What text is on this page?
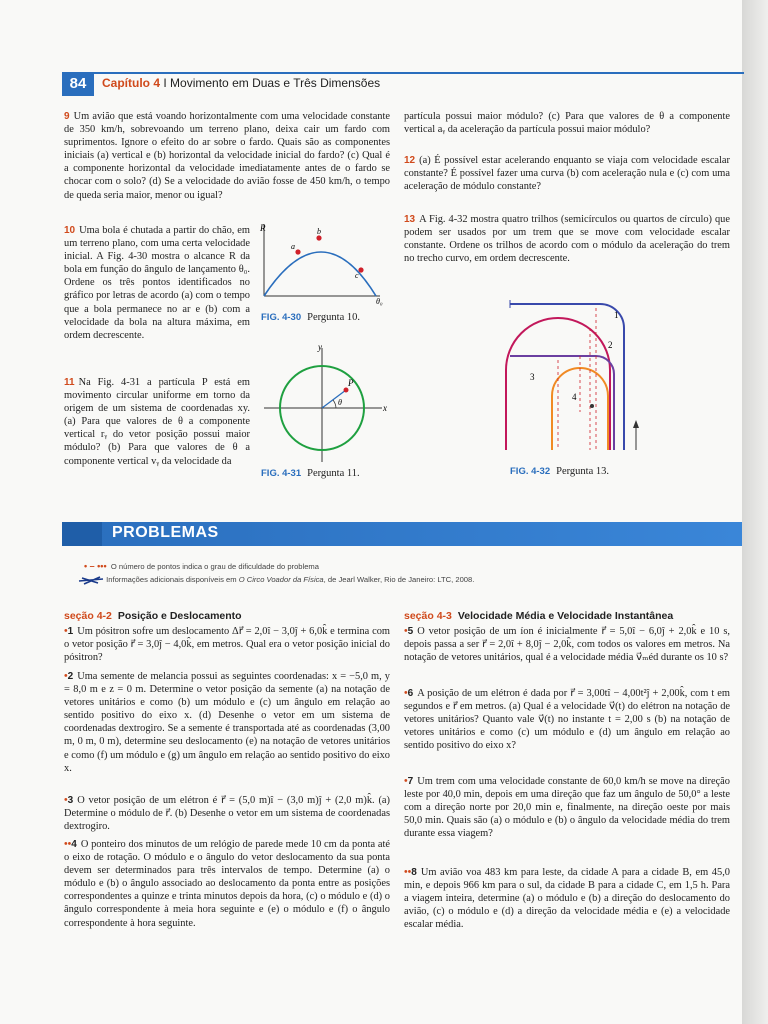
84	Capítulo 4 I Movimento em Duas e Três Dimensões
9 Um avião que está voando horizontalmente com uma velocidade constante de 350 km/h, sobrevoando um terreno plano, deixa cair um fardo com suprimentos. Ignore o efeito do ar sobre o fardo. Quais são as componentes iniciais (a) vertical e (b) horizontal da velocidade inicial do fardo? (c) Qual é a componente horizontal da velocidade imediatamente antes de o fardo se chocar com o solo? (d) Se a velocidade do avião fosse de 450 km/h, o tempo de queda seria maior, menor ou igual?
10 Uma bola é chutada a partir do chão, em um terreno plano, com uma certa velocidade inicial. A Fig. 4-30 mostra o alcance R da bola em função do ângulo de lançamento θ₀. Ordene os três pontos identificados no gráfico por letras de acordo (a) com o tempo que a bola permanece no ar e (b) com a velocidade da bola na altura máxima, em ordem decrescente.
R
a
b
c
θ₀
FIG. 4-30 Pergunta 10.
11 Na Fig. 4-31 a partícula P está em movimento circular uniforme em torno da origem de um sistema de coordenadas xy. (a) Para que valores de θ a componente vertical rᵧ do vetor posição possui maior módulo? (b) Para que valores de θ a componente vertical vᵧ da velocidade da
y
x
P
θ
FIG. 4-31 Pergunta 11.
partícula possui maior módulo? (c) Para que valores de θ a componente vertical aᵧ da aceleração da partícula possui maior módulo?
12 (a) É possível estar acelerando enquanto se viaja com velocidade escalar constante? É possível fazer uma curva (b) com aceleração nula e (c) com uma aceleração de módulo constante?
13 A Fig. 4-32 mostra quatro trilhos (semicírculos ou quartos de círculo) que podem ser usados por um trem que se move com velocidade escalar constante. Ordene os trilhos de acordo com o módulo da aceleração do trem no trecho curvo, em ordem decrescente.
1
2
3
4
FIG. 4-32 Pergunta 13.
PROBLEMAS
• – ••• O número de pontos indica o grau de dificuldade do problema
Informações adicionais disponíveis em O Circo Voador da Física, de Jearl Walker, Rio de Janeiro: LTC, 2008.
seção 4-2 Posição e Deslocamento	seção 4-3 Velocidade Média e Velocidade Instantânea
•1 Um pósitron sofre um deslocamento Δr⃗ = 2,0î − 3,0ĵ + 6,0k̂ e termina com o vetor posição r⃗ = 3,0ĵ − 4,0k̂, em metros. Qual era o vetor posição inicial do pósitron?
•2 Uma semente de melancia possui as seguintes coordenadas: x = −5,0 m, y = 8,0 m e z = 0 m. Determine o vetor posição da semente (a) na notação de vetores unitários e como (b) um módulo e (c) um ângulo em relação ao sentido positivo do eixo x. (d) Desenhe o vetor em um sistema de coordenadas dextrogiro. Se a semente é transportada até as coordenadas (3,00 m, 0 m, 0 m), determine seu deslocamento (e) na notação de vetores unitários e como (f) um módulo e (g) um ângulo em relação ao sentido positivo do eixo x.
•3 O vetor posição de um elétron é r⃗ = (5,0 m)î − (3,0 m)ĵ + (2,0 m)k̂. (a) Determine o módulo de r⃗. (b) Desenhe o vetor em um sistema de coordenadas dextrogiro.
••4 O ponteiro dos minutos de um relógio de parede mede 10 cm da ponta até o eixo de rotação. O módulo e o ângulo do vetor deslocamento da sua ponta devem ser determinados para três intervalos de tempo. Determine (a) o módulo e (b) o ângulo associado ao deslocamento da ponta entre as posições correspondentes a quinze e trinta minutos depois da hora, (c) o módulo e (d) o ângulo correspondente à meia hora seguinte e (e) o módulo e (f) o ângulo correspondente à hora seguinte.
•5 O vetor posição de um íon é inicialmente r⃗ = 5,0î − 6,0ĵ + 2,0k̂ e 10 s, depois passa a ser r⃗ = 2,0î + 8,0ĵ − 2,0k̂, com todos os valores em metros. Na notação de vetores unitários, qual é a velocidade média v⃗ₘéd durante os 10 s?
•6 A posição de um elétron é dada por r⃗ = 3,00tî − 4,00t²ĵ + 2,00k̂, com t em segundos e r⃗ em metros. (a) Qual é a velocidade v⃗(t) do elétron na notação de vetores unitários? Quanto vale v⃗(t) no instante t = 2,00 s (b) na notação de vetores unitários e como (c) um módulo e (d) um ângulo em relação ao sentido positivo do eixo x?
•7 Um trem com uma velocidade constante de 60,0 km/h se move na direção leste por 40,0 min, depois em uma direção que faz um ângulo de 50,0° a leste com a direção norte por 20,0 min e, finalmente, na direção oeste por mais 50,0 min. Quais são (a) o módulo e (b) o ângulo da velocidade média do trem durante essa viagem?
••8 Um avião voa 483 km para leste, da cidade A para a cidade B, em 45,0 min, e depois 966 km para o sul, da cidade B para a cidade C, em 1,5 h. Para a viagem inteira, determine (a) o módulo e (b) a direção do deslocamento do avião, (c) o módulo e (d) a direção da velocidade média e (e) a velocidade escalar média.
